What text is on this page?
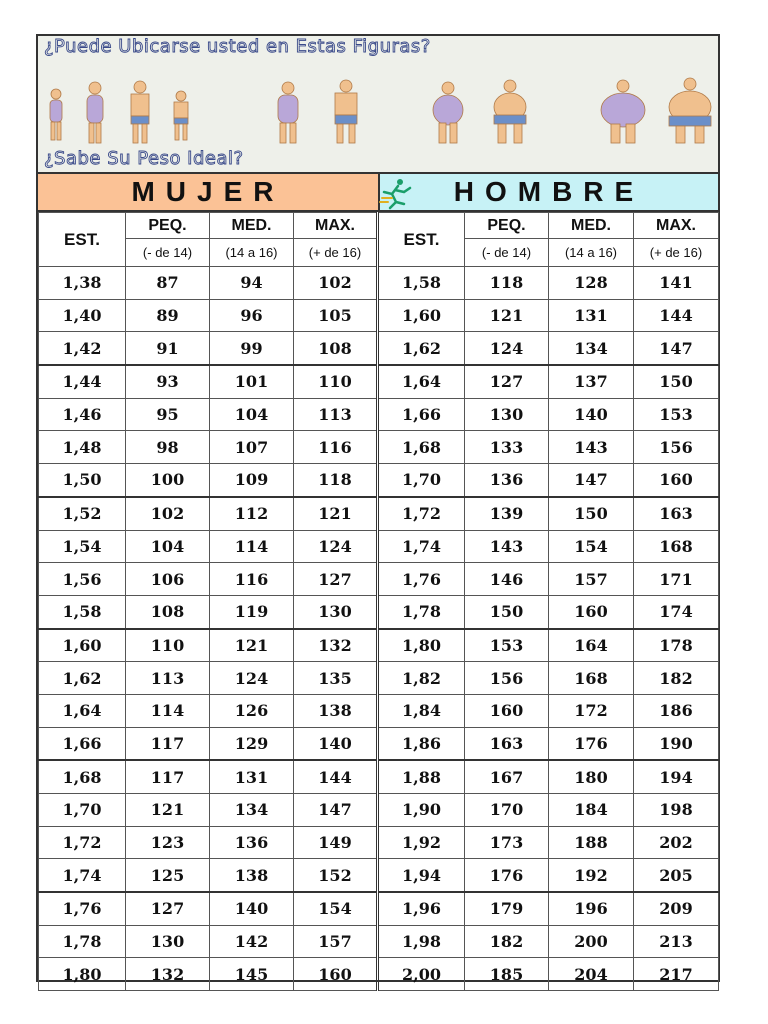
¿Puede Ubicarse usted en Estas Figuras?
¿Sabe Su Peso Ideal?
MUJER	HOMBRE
EST.	PEQ.	MED.	MAX.	EST.	PEQ.	MED.	MAX.
	(- de 14)	(14 a 16)	(+ de 16)		(- de 14)	(14 a 16)	(+ de 16)
1,38	87	94	102	1,58	118	128	141
1,40	89	96	105	1,60	121	131	144
1,42	91	99	108	1,62	124	134	147
1,44	93	101	110	1,64	127	137	150
1,46	95	104	113	1,66	130	140	153
1,48	98	107	116	1,68	133	143	156
1,50	100	109	118	1,70	136	147	160
1,52	102	112	121	1,72	139	150	163
1,54	104	114	124	1,74	143	154	168
1,56	106	116	127	1,76	146	157	171
1,58	108	119	130	1,78	150	160	174
1,60	110	121	132	1,80	153	164	178
1,62	113	124	135	1,82	156	168	182
1,64	114	126	138	1,84	160	172	186
1,66	117	129	140	1,86	163	176	190
1,68	117	131	144	1,88	167	180	194
1,70	121	134	147	1,90	170	184	198
1,72	123	136	149	1,92	173	188	202
1,74	125	138	152	1,94	176	192	205
1,76	127	140	154	1,96	179	196	209
1,78	130	142	157	1,98	182	200	213
1,80	132	145	160	2,00	185	204	217
